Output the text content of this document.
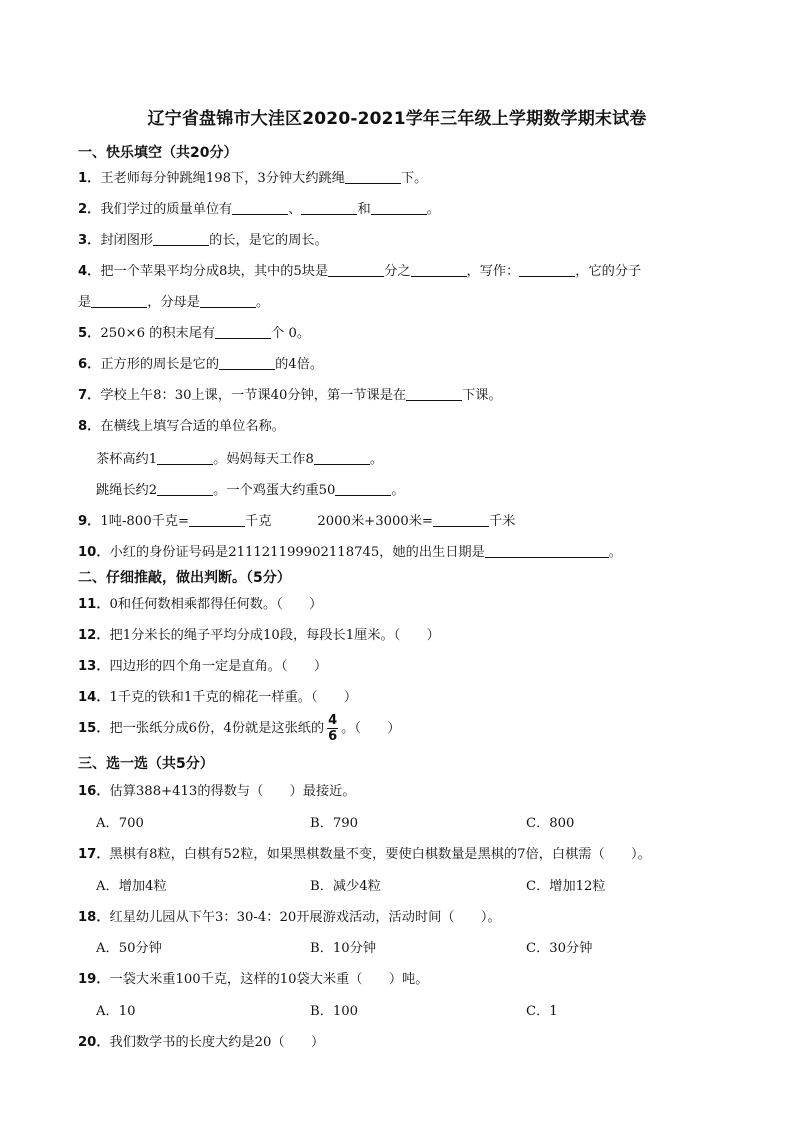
辽宁省盘锦市大洼区2020-2021学年三年级上学期数学期末试卷
一、快乐填空（共20分）
1．王老师每分钟跳绳198下，3分钟大约跳绳	下。
2．我们学过的质量单位有	、	和	。
3．封闭图形	的长，是它的周长。
4．把一个苹果平均分成8块，其中的5块是	分之	，写作：	，它的分子
是	，分母是	。
5．250×6 的积末尾有	个 0。
6．正方形的周长是它的	的4倍。
7．学校上午8：30上课，一节课40分钟，第一节课是在	下课。
8．在横线上填写合适的单位名称。
茶杯高约1	。妈妈每天工作8	。
跳绳长约2	。一个鸡蛋大约重50	。
9．1吨-800千克=	千克	2000米+3000米=	千米
10．小红的身份证号码是211121199902118745，她的出生日期是	。
二、仔细推敲，做出判断。（5分）
11．0和任何数相乘都得任何数。（　　）
12．把1分米长的绳子平均分成10段，每段长1厘米。（　　）
13．四边形的四个角一定是直角。（　　）
14．1千克的铁和1千克的棉花一样重。（　　）
15．把一张纸分成6份，4份就是这张纸的 $\frac{4}{6}$ 。（　　）
三、选一选（共5分）
16．估算388+413的得数与（　　）最接近。
A．700	B．790	C．800
17．黑棋有8粒，白棋有52粒，如果黑棋数量不变，要使白棋数量是黑棋的7倍，白棋需（　　）。
A．增加4粒	B．减少4粒	C．增加12粒
18．红星幼儿园从下午3：30-4：20开展游戏活动，活动时间（　　）。
A．50分钟	B．10分钟	C．30分钟
19．一袋大米重100千克，这样的10袋大米重（　　）吨。
A．10	B．100	C．1
20．我们数学书的长度大约是20（　　）
